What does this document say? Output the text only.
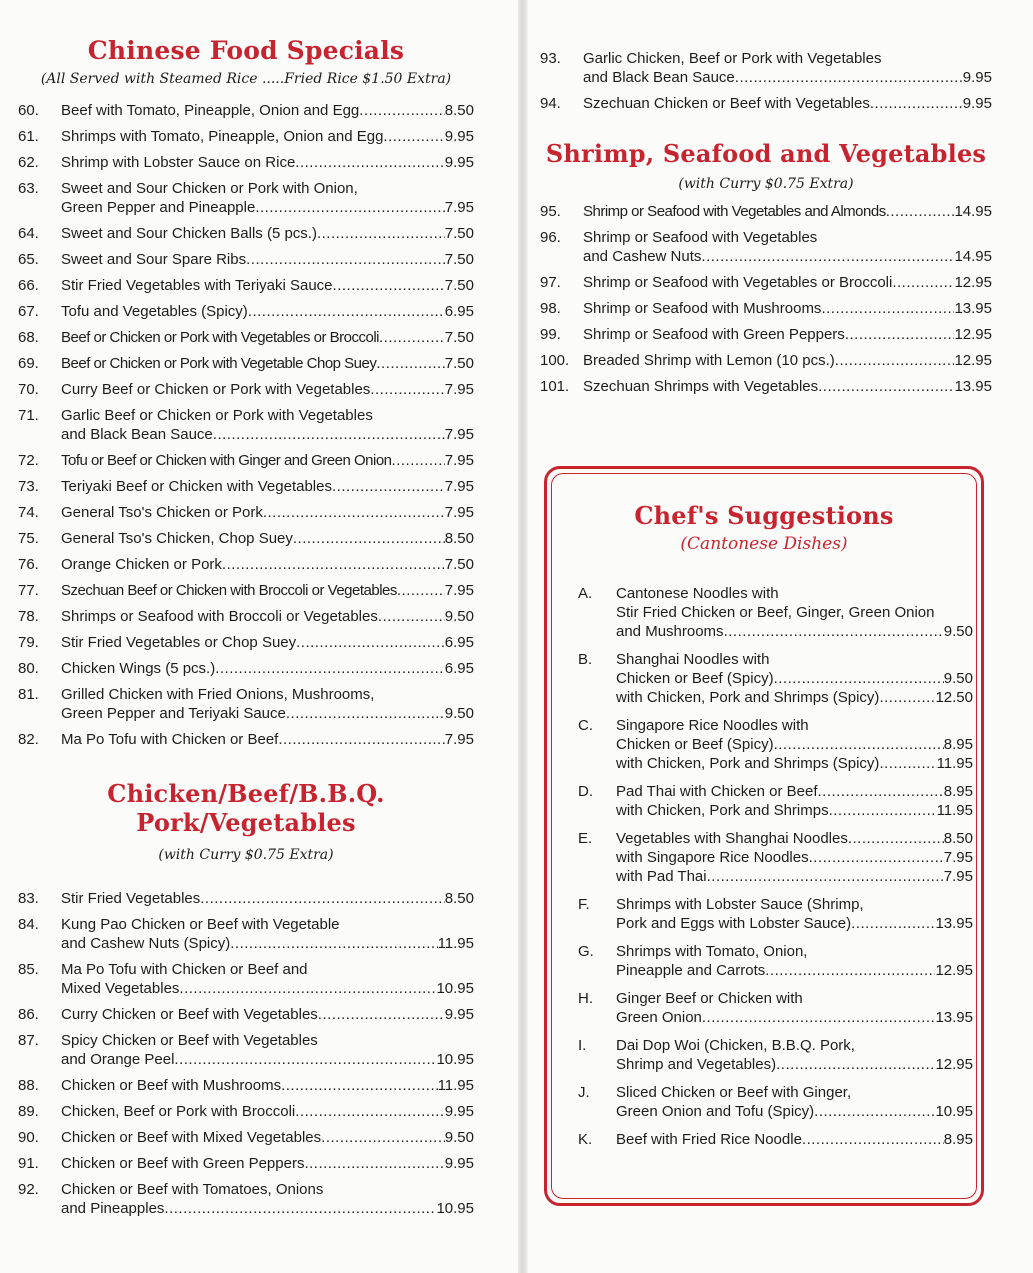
Chinese Food Specials
(All Served with Steamed Rice .....Fried Rice $1.50 Extra)
60.	Beef with Tomato, Pineapple, Onion and Egg .....	8.50
61.	Shrimps with Tomato, Pineapple, Onion and Egg .....	9.95
62.	Shrimp with Lobster Sauce on Rice .....	9.95
63.	Sweet and Sour Chicken or Pork with Onion,
Green Pepper and Pineapple .....	7.95
64.	Sweet and Sour Chicken Balls (5 pcs.) .....	7.50
65.	Sweet and Sour Spare Ribs .....	7.50
66.	Stir Fried Vegetables with Teriyaki Sauce .....	7.50
67.	Tofu and Vegetables (Spicy) .....	6.95
68.	Beef or Chicken or Pork with Vegetables or Broccoli .....	7.50
69.	Beef or Chicken or Pork with Vegetable Chop Suey .....	7.50
70.	Curry Beef or Chicken or Pork with Vegetables .....	7.95
71.	Garlic Beef or Chicken or Pork with Vegetables
and Black Bean Sauce .....	7.95
72.	Tofu or Beef or Chicken with Ginger and Green Onion .....	7.95
73.	Teriyaki Beef or Chicken with Vegetables .....	7.95
74.	General Tso's Chicken or Pork .....	7.95
75.	General Tso's Chicken, Chop Suey .....	8.50
76.	Orange Chicken or Pork .....	7.50
77.	Szechuan Beef or Chicken with Broccoli or Vegetables .....	7.95
78.	Shrimps or Seafood with Broccoli or Vegetables .....	9.50
79.	Stir Fried Vegetables or Chop Suey .....	6.95
80.	Chicken Wings (5 pcs.) .....	6.95
81.	Grilled Chicken with Fried Onions, Mushrooms,
Green Pepper and Teriyaki Sauce .....	9.50
82.	Ma Po Tofu with Chicken or Beef .....	7.95
Chicken/Beef/B.B.Q. Pork/Vegetables
(with Curry $0.75 Extra)
83.	Stir Fried Vegetables .....	8.50
84.	Kung Pao Chicken or Beef with Vegetable
and Cashew Nuts (Spicy) .....	11.95
85.	Ma Po Tofu with Chicken or Beef and
Mixed Vegetables .....	10.95
86.	Curry Chicken or Beef with Vegetables .....	9.95
87.	Spicy Chicken or Beef with Vegetables
and Orange Peel .....	10.95
88.	Chicken or Beef with Mushrooms .....	11.95
89.	Chicken, Beef or Pork with Broccoli .....	9.95
90.	Chicken or Beef with Mixed Vegetables .....	9.50
91.	Chicken or Beef with Green Peppers .....	9.95
92.	Chicken or Beef with Tomatoes, Onions
and Pineapples .....	10.95
93.	Garlic Chicken, Beef or Pork with Vegetables
and Black Bean Sauce .....	9.95
94.	Szechuan Chicken or Beef with Vegetables .....	9.95
Shrimp, Seafood and Vegetables
(with Curry $0.75 Extra)
95.	Shrimp or Seafood with Vegetables and Almonds .....	14.95
96.	Shrimp or Seafood with Vegetables
and Cashew Nuts .....	14.95
97.	Shrimp or Seafood with Vegetables or Broccoli .....	12.95
98.	Shrimp or Seafood with Mushrooms .....	13.95
99.	Shrimp or Seafood with Green Peppers .....	12.95
100. Breaded Shrimp with Lemon (10 pcs.) .....	12.95
101. Szechuan Shrimps with Vegetables .....	13.95
Chef's Suggestions
(Cantonese Dishes)
A.	Cantonese Noodles with
Stir Fried Chicken or Beef, Ginger, Green Onion
and Mushrooms .....	9.50
B.	Shanghai Noodles with
Chicken or Beef (Spicy) .....	9.50
with Chicken, Pork and Shrimps (Spicy) .....	12.50
C.	Singapore Rice Noodles with
Chicken or Beef (Spicy) .....	8.95
with Chicken, Pork and Shrimps (Spicy) .....	11.95
D.	Pad Thai with Chicken or Beef .....	8.95
with Chicken, Pork and Shrimps .....	11.95
E.	Vegetables with Shanghai Noodles .....	8.50
with Singapore Rice Noodles .....	7.95
with Pad Thai .....	7.95
F.	Shrimps with Lobster Sauce (Shrimp,
Pork and Eggs with Lobster Sauce) .....	13.95
G.	Shrimps with Tomato, Onion,
Pineapple and Carrots .....	12.95
H.	Ginger Beef or Chicken with
Green Onion .....	13.95
I.	Dai Dop Woi (Chicken, B.B.Q. Pork,
Shrimp and Vegetables) .....	12.95
J.	Sliced Chicken or Beef with Ginger,
Green Onion and Tofu (Spicy) .....	10.95
K.	Beef with Fried Rice Noodle .....	8.95
